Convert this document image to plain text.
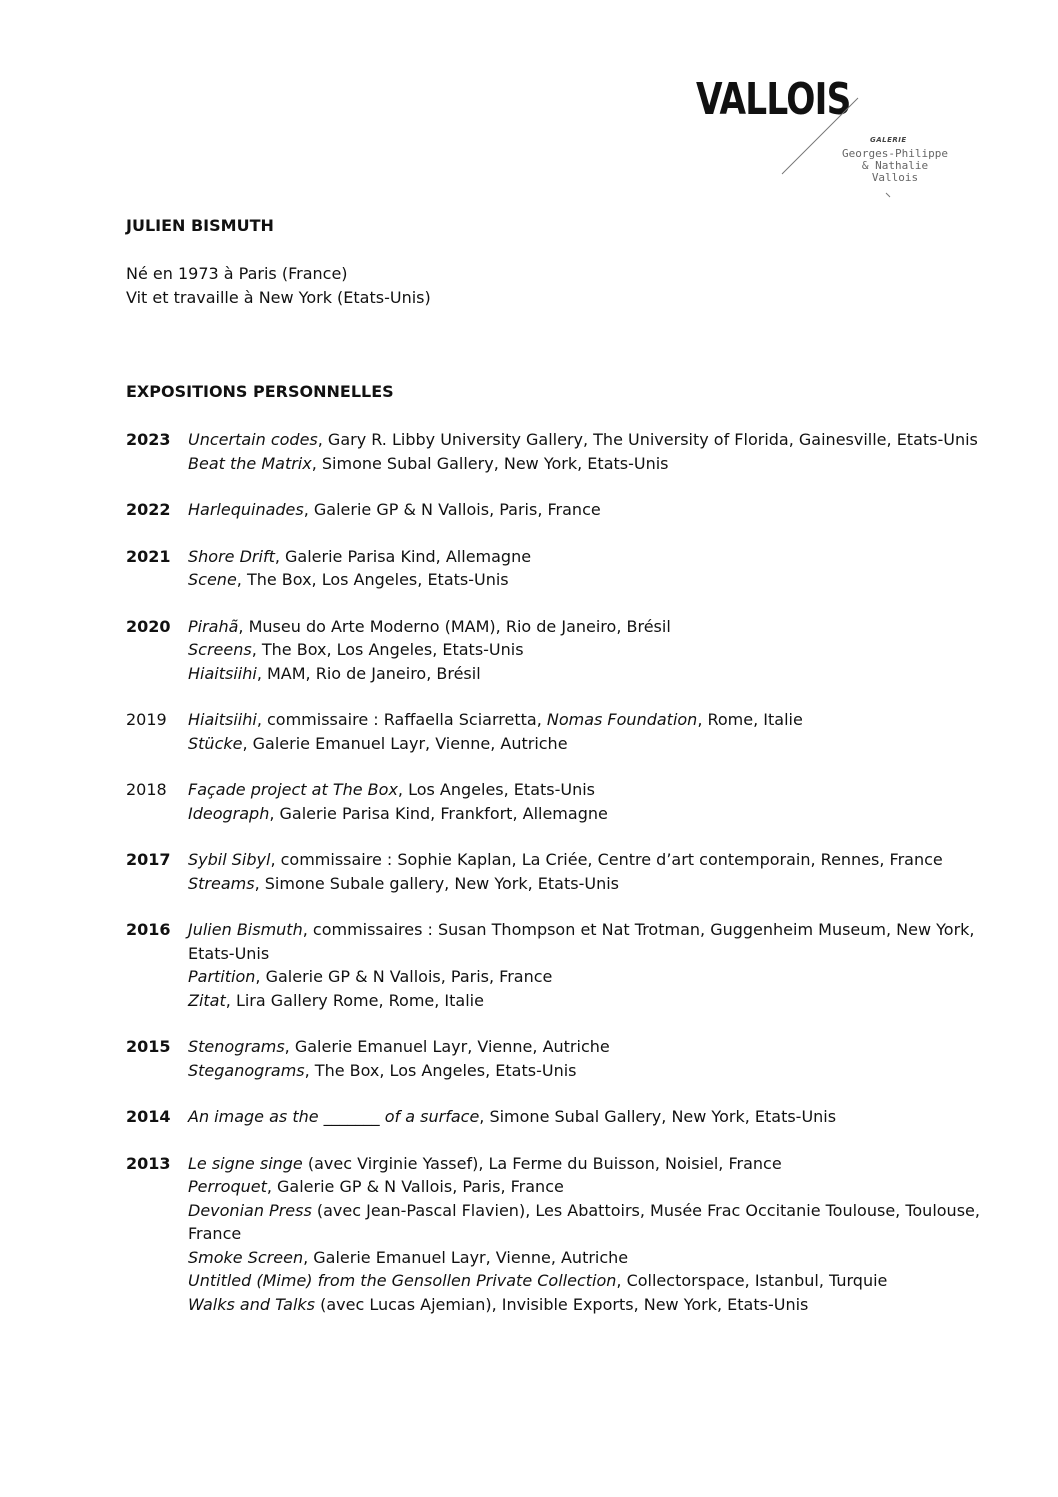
VALLOIS
GALERIE
Georges-Philippe
& Nathalie
Vallois
JULIEN BISMUTH
Né en 1973 à Paris (France)
Vit et travaille à New York (Etats-Unis)
EXPOSITIONS PERSONNELLES
2023	Uncertain codes, Gary R. Libby University Gallery, The University of Florida, Gainesville, Etats-Unis
Beat the Matrix, Simone Subal Gallery, New York, Etats-Unis
2022	Harlequinades, Galerie GP & N Vallois, Paris, France
2021	Shore Drift, Galerie Parisa Kind, Allemagne
Scene, The Box, Los Angeles, Etats-Unis
2020	Pirahã, Museu do Arte Moderno (MAM), Rio de Janeiro, Brésil
Screens, The Box, Los Angeles, Etats-Unis
Hiaitsiihi, MAM, Rio de Janeiro, Brésil
2019	Hiaitsiihi, commissaire : Raffaella Sciarretta, Nomas Foundation, Rome, Italie
Stücke, Galerie Emanuel Layr, Vienne, Autriche
2018	Façade project at The Box, Los Angeles, Etats-Unis
Ideograph, Galerie Parisa Kind, Frankfort, Allemagne
2017	Sybil Sibyl, commissaire : Sophie Kaplan, La Criée, Centre d’art contemporain, Rennes, France
Streams, Simone Subale gallery, New York, Etats-Unis
2016	Julien Bismuth, commissaires : Susan Thompson et Nat Trotman, Guggenheim Museum, New York, Etats-Unis
Partition, Galerie GP & N Vallois, Paris, France
Zitat, Lira Gallery Rome, Rome, Italie
2015	Stenograms, Galerie Emanuel Layr, Vienne, Autriche
Steganograms, The Box, Los Angeles, Etats-Unis
2014	An image as the _______ of a surface, Simone Subal Gallery, New York, Etats-Unis
2013	Le signe singe (avec Virginie Yassef), La Ferme du Buisson, Noisiel, France
Perroquet, Galerie GP & N Vallois, Paris, France
Devonian Press (avec Jean-Pascal Flavien), Les Abattoirs, Musée Frac Occitanie Toulouse, Toulouse, France
Smoke Screen, Galerie Emanuel Layr, Vienne, Autriche
Untitled (Mime) from the Gensollen Private Collection, Collectorspace, Istanbul, Turquie
Walks and Talks (avec Lucas Ajemian), Invisible Exports, New York, Etats-Unis
